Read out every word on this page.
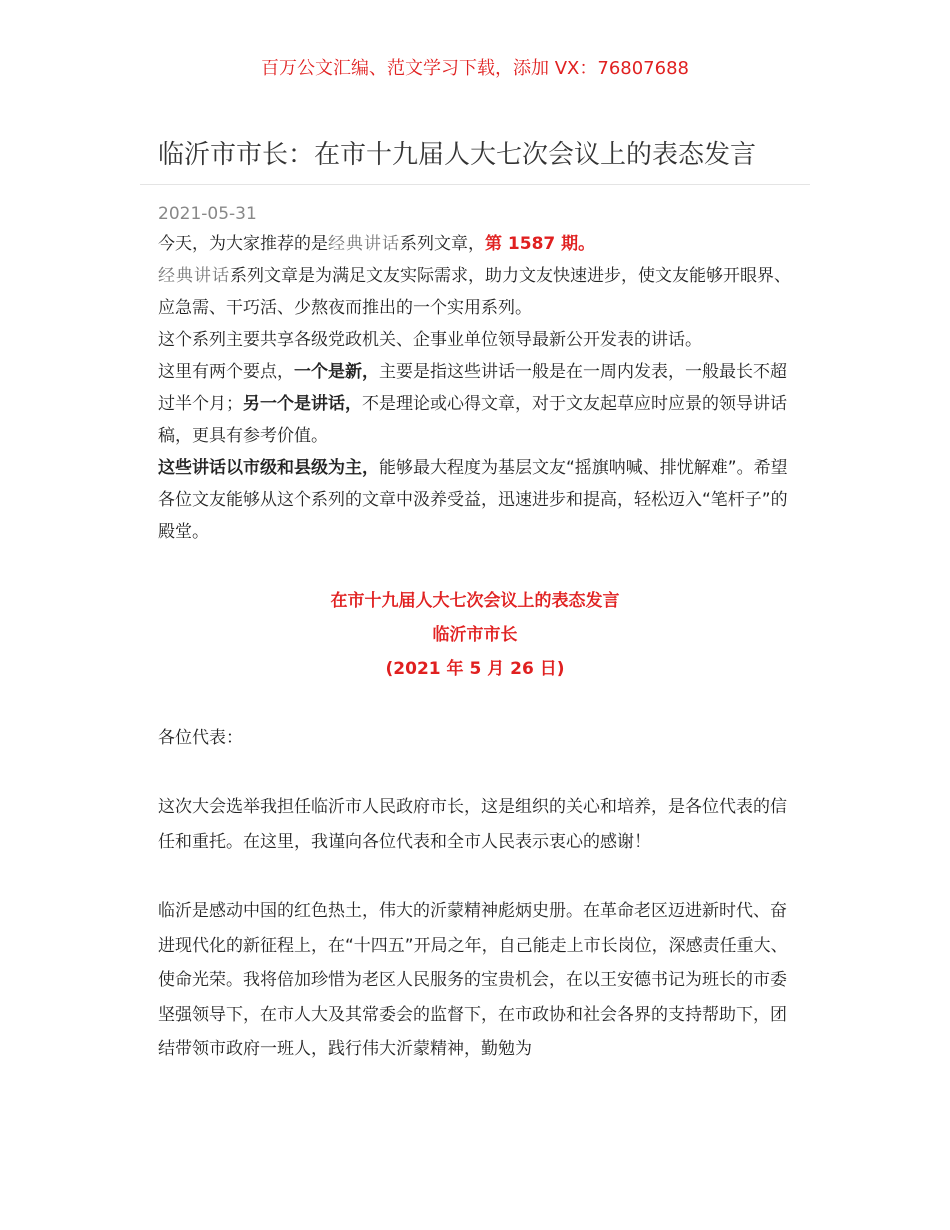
百万公文汇编、范文学习下载，添加 VX：76807688
临沂市市长：在市十九届人大七次会议上的表态发言
2021-05-31

今天，为大家推荐的是经典讲话系列文章，第 1587 期。

经典讲话系列文章是为满足文友实际需求，助力文友快速进步，使文友能够开眼界、应急需、干巧活、少熬夜而推出的一个实用系列。

这个系列主要共享各级党政机关、企事业单位领导最新公开发表的讲话。

这里有两个要点，一个是新，主要是指这些讲话一般是在一周内发表，一般最长不超过半个月；另一个是讲话，不是理论或心得文章，对于文友起草应时应景的领导讲话稿，更具有参考价值。

这些讲话以市级和县级为主，能够最大程度为基层文友“摇旗呐喊、排忧解难”。希望各位文友能够从这个系列的文章中汲养受益，迅速进步和提高，轻松迈入“笔杆子”的殿堂。

在市十九届人大七次会议上的表态发言
临沂市市长
(2021 年 5 月 26 日)
各位代表：

这次大会选举我担任临沂市人民政府市长，这是组织的关心和培养，是各位代表的信任和重托。在这里，我谨向各位代表和全市人民表示衷心的感谢！

临沂是感动中国的红色热土，伟大的沂蒙精神彪炳史册。在革命老区迈进新时代、奋进现代化的新征程上，在“十四五”开局之年，自己能走上市长岗位，深感责任重大、使命光荣。我将倍加珍惜为老区人民服务的宝贵机会，在以王安德书记为班长的市委坚强领导下，在市人大及其常委会的监督下，在市政协和社会各界的支持帮助下，团结带领市政府一班人，践行伟大沂蒙精神，勤勉为
